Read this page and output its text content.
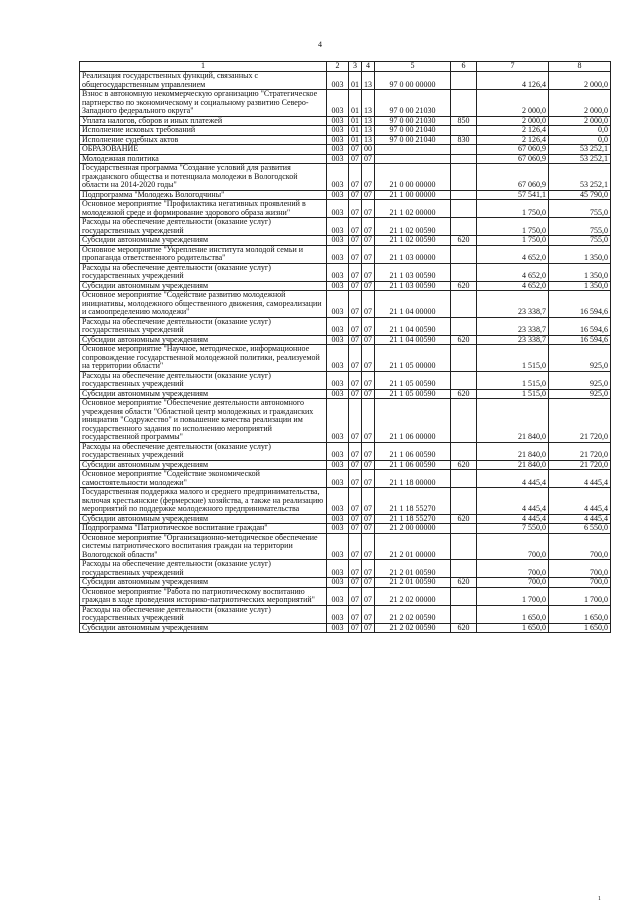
4
1	2	3	4	5	6	7	8
Реализация государственных функций, связанных с общегосударственным управлением	003	01	13	97 0 00 00000		4 126,4	2 000,0
Взнос в автономную некоммерческую организацию "Стратегическое партнерство по экономическому и социальному развитию Северо-Западного федерального округа"	003	01	13	97 0 00 21030		2 000,0	2 000,0
Уплата налогов, сборов и иных платежей	003	01	13	97 0 00 21030	850	2 000,0	2 000,0
Исполнение исковых требований	003	01	13	97 0 00 21040		2 126,4	0,0
Исполнение судебных актов	003	01	13	97 0 00 21040	830	2 126,4	0,0
ОБРАЗОВАНИЕ	003	07	00			67 060,9	53 252,1
Молодежная политика	003	07	07			67 060,9	53 252,1
Государственная программа "Создание условий для развития гражданского общества и потенциала молодежи в Вологодской области на 2014-2020 годы"	003	07	07	21 0 00 00000		67 060,9	53 252,1
Подпрограмма "Молодежь Вологодчины"	003	07	07	21 1 00 00000		57 541,1	45 790,0
Основное мероприятие "Профилактика негативных проявлений в молодежной среде и формирование здорового образа жизни"	003	07	07	21 1 02 00000		1 750,0	755,0
Расходы на обеспечение деятельности (оказание услуг) государственных учреждений	003	07	07	21 1 02 00590		1 750,0	755,0
Субсидии автономным учреждениям	003	07	07	21 1 02 00590	620	1 750,0	755,0
Основное мероприятие "Укрепление института молодой семьи и пропаганда ответственного родительства"	003	07	07	21 1 03 00000		4 652,0	1 350,0
Расходы на обеспечение деятельности (оказание услуг) государственных учреждений	003	07	07	21 1 03 00590		4 652,0	1 350,0
Субсидии автономным учреждениям	003	07	07	21 1 03 00590	620	4 652,0	1 350,0
Основное мероприятие "Содействие развитию молодежной инициативы, молодежного общественного движения, самореализации и самоопределению молодежи"	003	07	07	21 1 04 00000		23 338,7	16 594,6
Расходы на обеспечение деятельности (оказание услуг) государственных учреждений	003	07	07	21 1 04 00590		23 338,7	16 594,6
Субсидии автономным учреждениям	003	07	07	21 1 04 00590	620	23 338,7	16 594,6
Основное мероприятие "Научное, методическое, информационное сопровождение государственной молодежной политики, реализуемой на территории области"	003	07	07	21 1 05 00000		1 515,0	925,0
Расходы на обеспечение деятельности (оказание услуг) государственных учреждений	003	07	07	21 1 05 00590		1 515,0	925,0
Субсидии автономным учреждениям	003	07	07	21 1 05 00590	620	1 515,0	925,0
Основное мероприятие "Обеспечение деятельности автономного учреждения области "Областной центр молодежных и гражданских инициатив "Содружество" и повышение качества реализации им государственного задания по исполнению мероприятий государственной программы"	003	07	07	21 1 06 00000		21 840,0	21 720,0
Расходы на обеспечение деятельности (оказание услуг) государственных учреждений	003	07	07	21 1 06 00590		21 840,0	21 720,0
Субсидии автономным учреждениям	003	07	07	21 1 06 00590	620	21 840,0	21 720,0
Основное мероприятие "Содействие экономической самостоятельности молодежи"	003	07	07	21 1 18 00000		4 445,4	4 445,4
Государственная поддержка малого и среднего предпринимательства, включая крестьянские (фермерские) хозяйства, а также на реализацию мероприятий по поддержке молодежного предпринимательства	003	07	07	21 1 18 55270		4 445,4	4 445,4
Субсидии автономным учреждениям	003	07	07	21 1 18 55270	620	4 445,4	4 445,4
Подпрограмма "Патриотическое воспитание граждан"	003	07	07	21 2 00 00000		7 550,0	6 550,0
Основное мероприятие "Организационно-методическое обеспечение системы патриотического воспитания граждан на территории Вологодской области"	003	07	07	21 2 01 00000		700,0	700,0
Расходы на обеспечение деятельности (оказание услуг) государственных учреждений	003	07	07	21 2 01 00590		700,0	700,0
Субсидии автономным учреждениям	003	07	07	21 2 01 00590	620	700,0	700,0
Основное мероприятие "Работа по патриотическому воспитанию граждан в ходе проведения историко-патриотических мероприятий"	003	07	07	21 2 02 00000		1 700,0	1 700,0
Расходы на обеспечение деятельности (оказание услуг) государственных учреждений	003	07	07	21 2 02 00590		1 650,0	1 650,0
Субсидии автономным учреждениям	003	07	07	21 2 02 00590	620	1 650,0	1 650,0
1
